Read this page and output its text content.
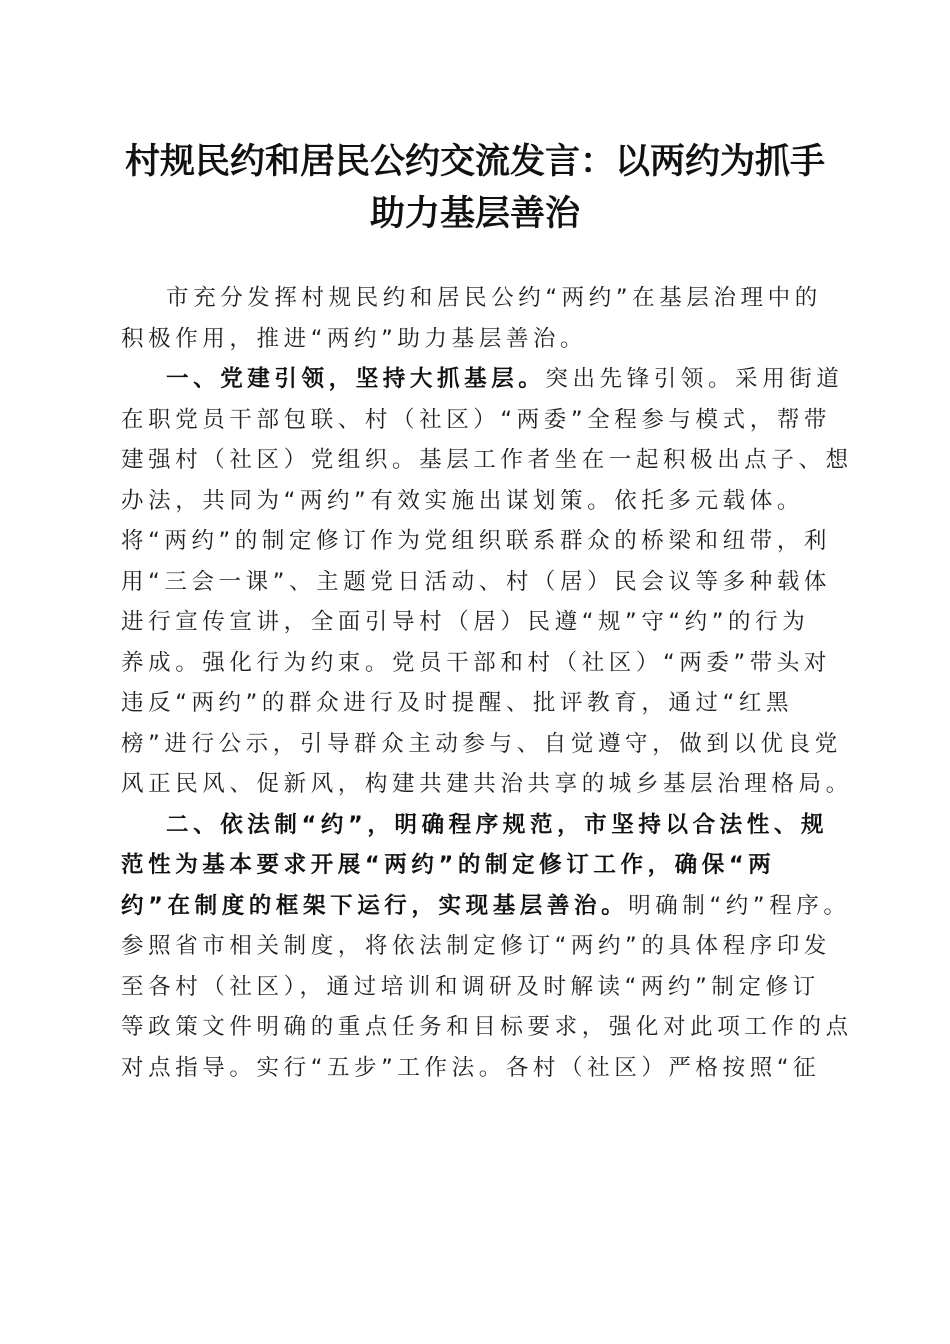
村规民约和居民公约交流发言：以两约为抓手
助力基层善治

市充分发挥村规民约和居民公约“两约”在基层治理中的
积极作用，推进“两约”助力基层善治。

一、党建引领，坚持大抓基层。突出先锋引领。采用街道
在职党员干部包联、村（社区）“两委”全程参与模式，帮带
建强村（社区）党组织。基层工作者坐在一起积极出点子、想
办法，共同为“两约”有效实施出谋划策。依托多元载体。
将“两约”的制定修订作为党组织联系群众的桥梁和纽带，利
用“三会一课”、主题党日活动、村（居）民会议等多种载体
进行宣传宣讲，全面引导村（居）民遵“规”守“约”的行为
养成。强化行为约束。党员干部和村（社区）“两委”带头对
违反“两约”的群众进行及时提醒、批评教育，通过“红黑
榜”进行公示，引导群众主动参与、自觉遵守，做到以优良党
风正民风、促新风，构建共建共治共享的城乡基层治理格局。

二、依法制“约”，明确程序规范，市坚持以合法性、规
范性为基本要求开展“两约”的制定修订工作，确保“两
约”在制度的框架下运行，实现基层善治。明确制“约”程序。
参照省市相关制度，将依法制定修订“两约”的具体程序印发
至各村（社区），通过培训和调研及时解读“两约”制定修订
等政策文件明确的重点任务和目标要求，强化对此项工作的点
对点指导。实行“五步”工作法。各村（社区）严格按照“征
